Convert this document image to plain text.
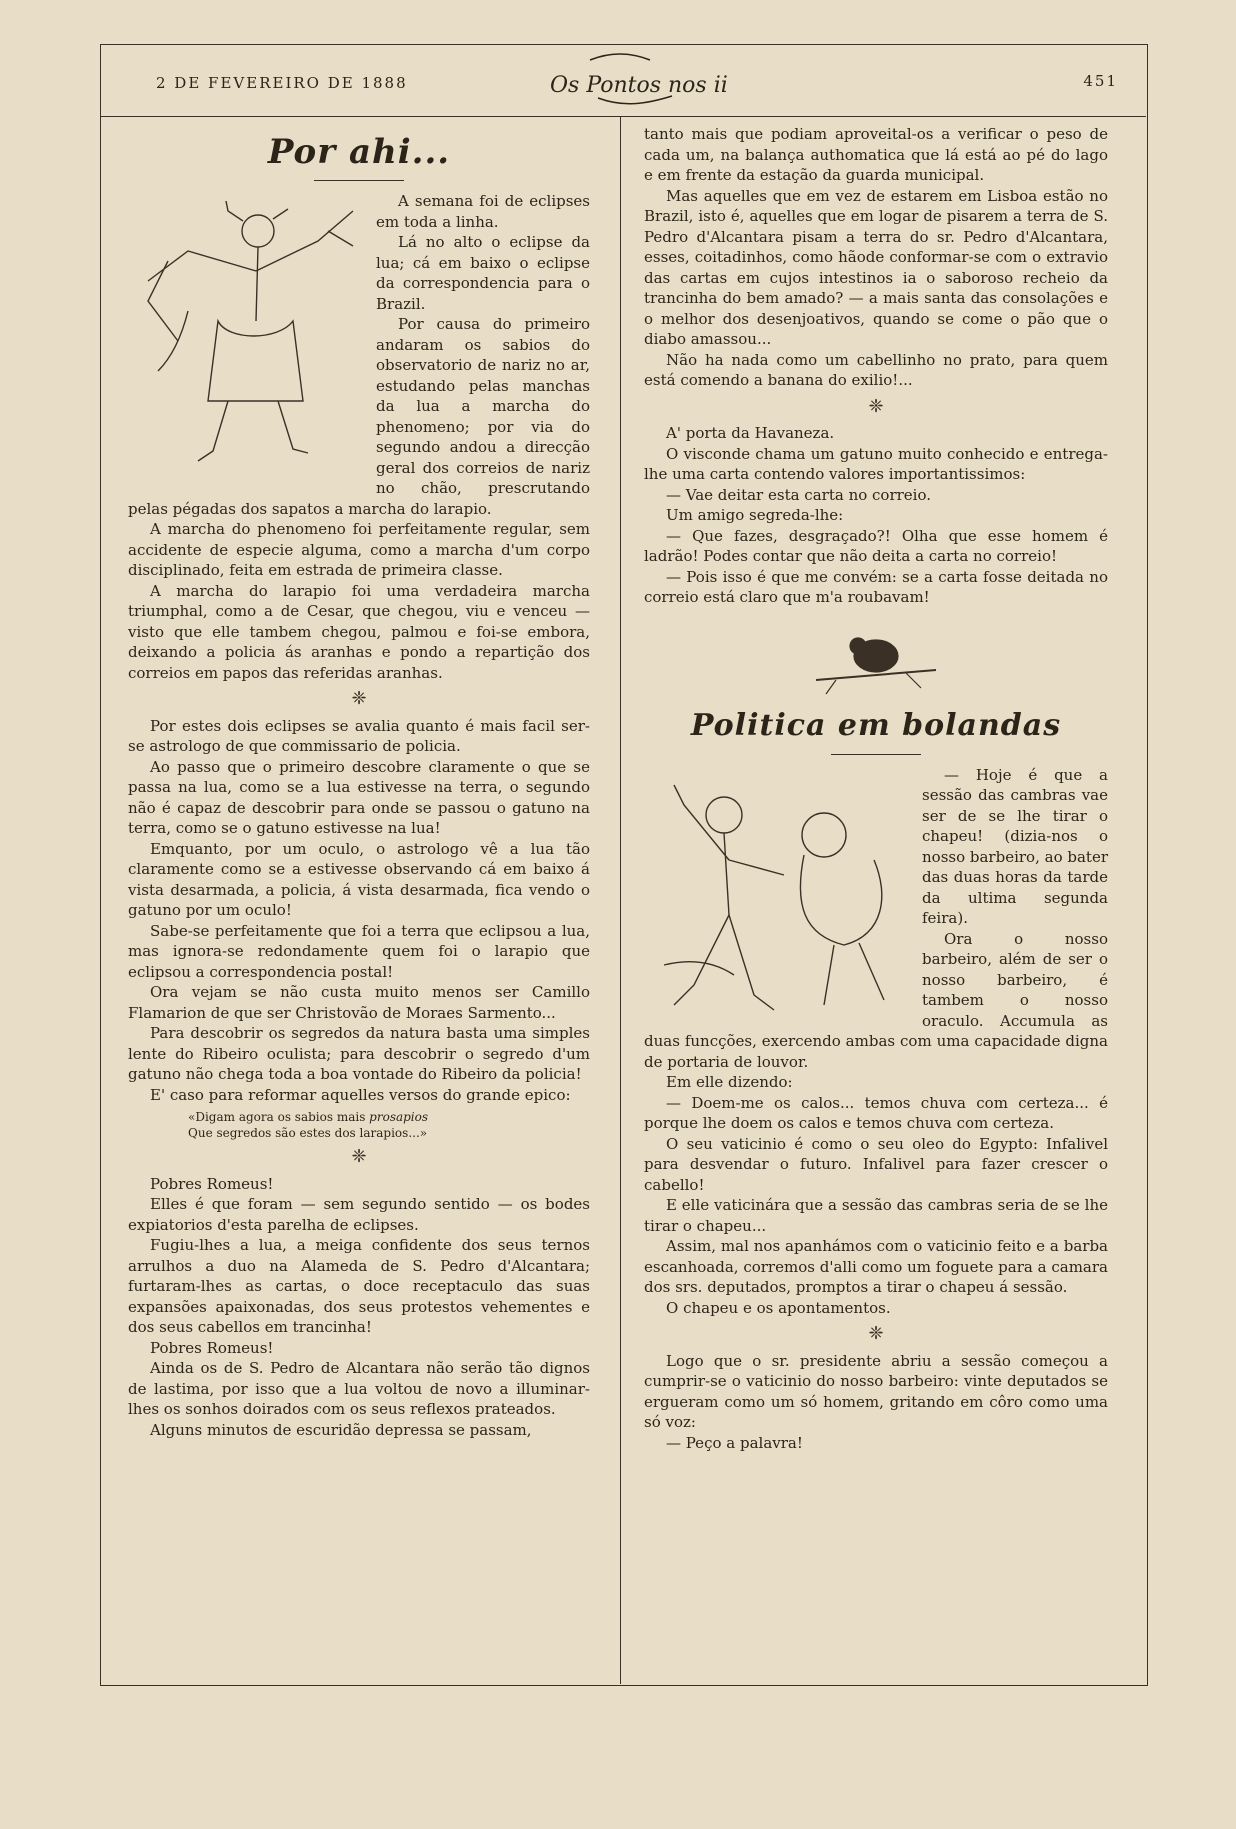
2 DE FEVEREIRO DE 1888	Os Pontos nos ii	451
Por ahi...

A semana foi de eclipses em toda a linha.

Lá no alto o eclipse da lua; cá em baixo o eclipse da correspondencia para o Brazil.

Por causa do primeiro andaram os sabios do observatorio de nariz no ar, estudando pelas manchas da lua a marcha do phenomeno; por via do segundo andou a direcção geral dos correios de nariz no chão, prescrutando pelas pégadas dos sapatos a marcha do larapio.

A marcha do phenomeno foi perfeitamente regular, sem accidente de especie alguma, como a marcha d'um corpo disciplinado, feita em estrada de primeira classe.

A marcha do larapio foi uma verdadeira marcha triumphal, como a de Cesar, que chegou, viu e venceu — visto que elle tambem chegou, palmou e foi-se embora, deixando a policia ás aranhas e pondo a repartição dos correios em papos das referidas aranhas.

❈

Por estes dois eclipses se avalia quanto é mais facil ser-se astrologo de que commissario de policia.

Ao passo que o primeiro descobre claramente o que se passa na lua, como se a lua estivesse na terra, o segundo não é capaz de descobrir para onde se passou o gatuno na terra, como se o gatuno estivesse na lua!

Emquanto, por um oculo, o astrologo vê a lua tão claramente como se a estivesse observando cá em baixo á vista desarmada, a policia, á vista desarmada, fica vendo o gatuno por um oculo!

Sabe-se perfeitamente que foi a terra que eclipsou a lua, mas ignora-se redondamente quem foi o larapio que eclipsou a correspondencia postal!

Ora vejam se não custa muito menos ser Camillo Flamarion de que ser Christovão de Moraes Sarmento...

Para descobrir os segredos da natura basta uma simples lente do Ribeiro oculista; para descobrir o segredo d'um gatuno não chega toda a boa vontade do Ribeiro da policia!

E' caso para reformar aquelles versos do grande epico:

«Digam agora os sabios mais prosapios
Que segredos são estes dos larapios...»
❈

Pobres Romeus!

Elles é que foram — sem segundo sentido — os bodes expiatorios d'esta parelha de eclipses.

Fugiu-lhes a lua, a meiga confidente dos seus ternos arrulhos a duo na Alameda de S. Pedro d'Alcantara; furtaram-lhes as cartas, o doce receptaculo das suas expansões apaixonadas, dos seus protestos vehementes e dos seus cabellos em trancinha!

Pobres Romeus!

Ainda os de S. Pedro de Alcantara não serão tão dignos de lastima, por isso que a lua voltou de novo a illuminar-lhes os sonhos doirados com os seus reflexos prateados.

Alguns minutos de escuridão depressa se passam,

tanto mais que podiam aproveital-os a verificar o peso de cada um, na balança authomatica que lá está ao pé do lago e em frente da estação da guarda municipal.

Mas aquelles que em vez de estarem em Lisboa estão no Brazil, isto é, aquelles que em logar de pisarem a terra de S. Pedro d'Alcantara pisam a terra do sr. Pedro d'Alcantara, esses, coitadinhos, como hãode conformar-se com o extravio das cartas em cujos intestinos ia o saboroso recheio da trancinha do bem amado? — a mais santa das consolações e o melhor dos desenjoativos, quando se come o pão que o diabo amassou...

Não ha nada como um cabellinho no prato, para quem está comendo a banana do exilio!...

❈

A' porta da Havaneza.

O visconde chama um gatuno muito conhecido e entrega-lhe uma carta contendo valores importantissimos:

— Vae deitar esta carta no correio.

Um amigo segreda-lhe:

— Que fazes, desgraçado?! Olha que esse homem é ladrão! Podes contar que não deita a carta no correio!

— Pois isso é que me convém: se a carta fosse deitada no correio está claro que m'a roubavam!

Politica em bolandas

— Hoje é que a sessão das cambras vae ser de se lhe tirar o chapeu! (dizia-nos o nosso barbeiro, ao bater das duas horas da tarde da ultima segunda feira).

Ora o nosso barbeiro, além de ser o nosso barbeiro, é tambem o nosso oraculo. Accumula as duas funcções, exercendo ambas com uma capacidade digna de portaria de louvor.

Em elle dizendo:

— Doem-me os calos... temos chuva com certeza... é porque lhe doem os calos e temos chuva com certeza.

O seu vaticinio é como o seu oleo do Egypto: Infalivel para desvendar o futuro. Infalivel para fazer crescer o cabello!

E elle vaticinára que a sessão das cambras seria de se lhe tirar o chapeu...

Assim, mal nos apanhámos com o vaticinio feito e a barba escanhoada, corremos d'alli como um foguete para a camara dos srs. deputados, promptos a tirar o chapeu á sessão.

O chapeu e os apontamentos.

❈

Logo que o sr. presidente abriu a sessão começou a cumprir-se o vaticinio do nosso barbeiro: vinte deputados se ergueram como um só homem, gritando em côro como uma só voz:

— Peço a palavra!
